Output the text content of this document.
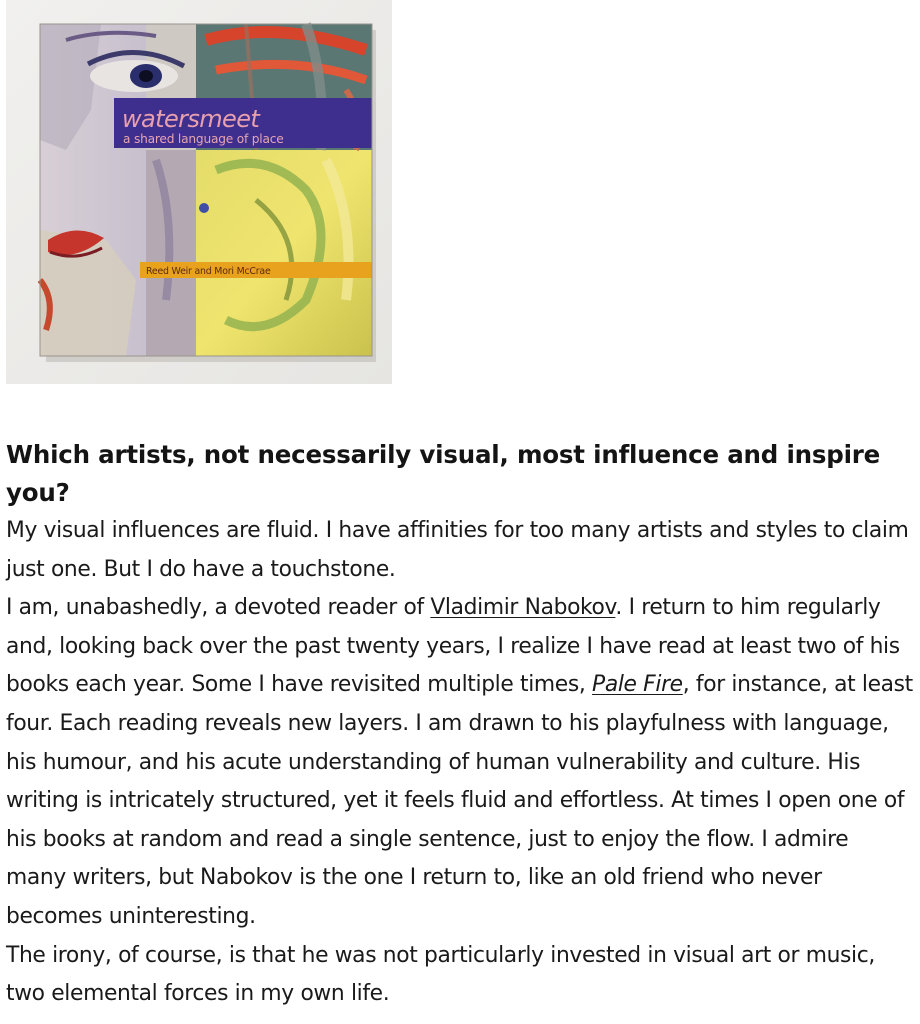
watersmeet
a shared language of place
Reed Weir and Mori McCrae
Which artists, not necessarily visual, most influence and inspire you?

My visual influences are fluid. I have affinities for too many artists and styles to claim just one. But I do have a touchstone.

I am, unabashedly, a devoted reader of Vladimir Nabokov. I return to him regularly and, looking back over the past twenty years, I realize I have read at least two of his books each year. Some I have revisited multiple times, Pale Fire, for instance, at least four. Each reading reveals new layers. I am drawn to his playfulness with language, his humour, and his acute understanding of human vulnerability and culture. His writing is intricately structured, yet it feels fluid and effortless. At times I open one of his books at random and read a single sentence, just to enjoy the flow. I admire many writers, but Nabokov is the one I return to, like an old friend who never becomes uninteresting.

The irony, of course, is that he was not particularly invested in visual art or music, two elemental forces in my own life.
